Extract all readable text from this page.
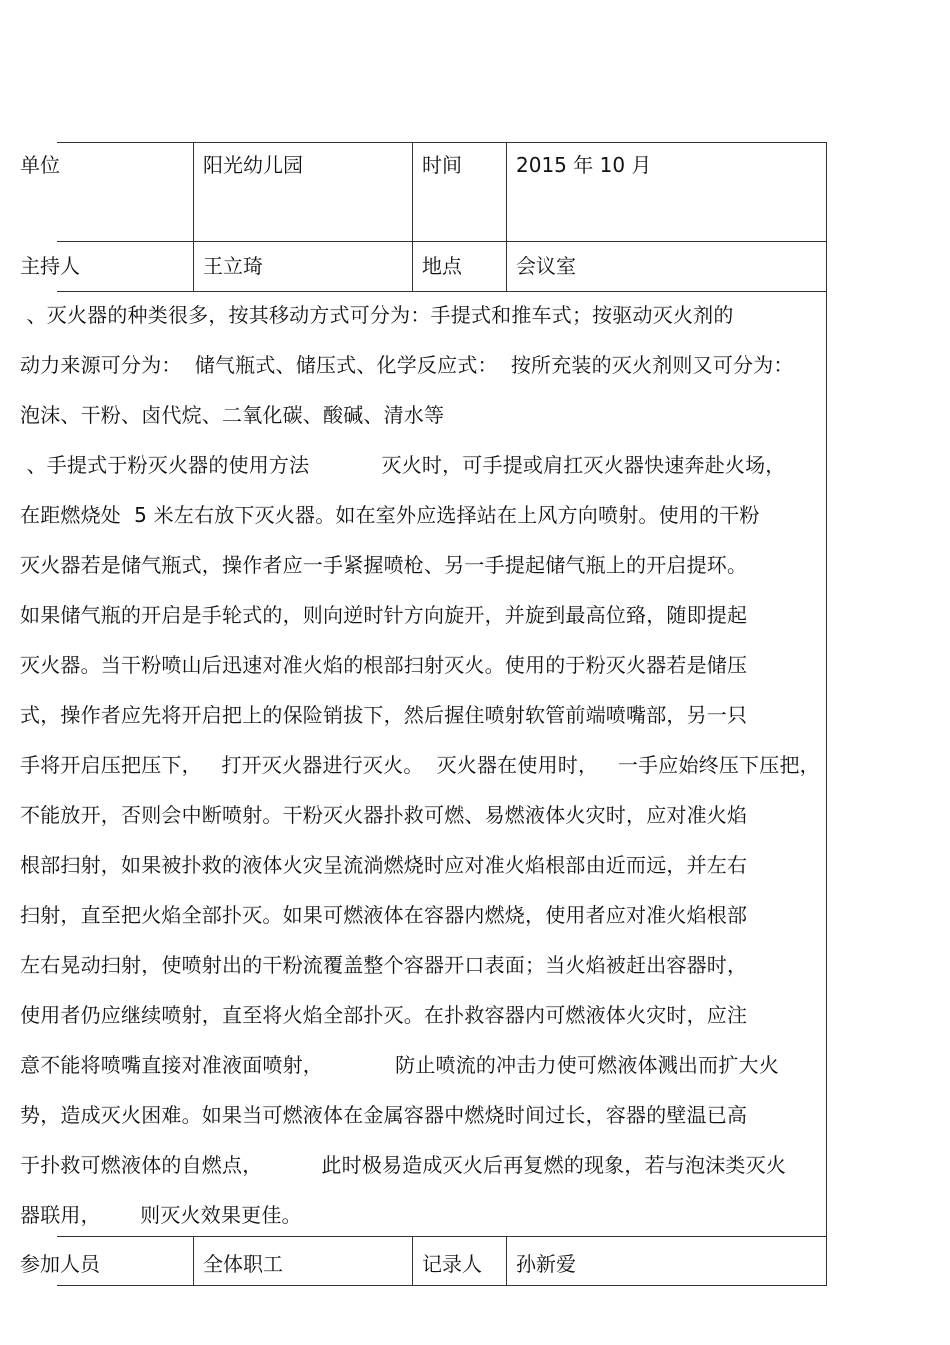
单位	阳光幼儿园	时间	2015 年 10 月
主持人	王立琦	地点	会议室
、灭火器的种类很多，按其移动方式可分为：手提式和推车式；按驱动灭火剂的
动力来源可分为：  储气瓶式、储压式、化学反应式：  按所充装的灭火剂则又可分为：
泡沫、干粉、卤代烷、二氧化碳、酸碱、清水等
、手提式于粉灭火器的使用方法           灭火时，可手提或肩扛灭火器快速奔赴火场，
在距燃烧处  5 米左右放下灭火器。如在室外应选择站在上风方向喷射。使用的干粉
灭火器若是储气瓶式，操作者应一手紧握喷枪、另一手提起储气瓶上的开启提环。
如果储气瓶的开启是手轮式的，则向逆时针方向旋开，并旋到最高位臵，随即提起
灭火器。当干粉喷山后迅速对准火焰的根部扫射灭火。使用的于粉灭火器若是储压
式，操作者应先将开启把上的保险销拔下，然后握住喷射软管前端喷嘴部，另一只
手将开启压把压下，   打开灭火器进行灭火。  灭火器在使用时，   一手应始终压下压把，
不能放开，否则会中断喷射。干粉灭火器扑救可燃、易燃液体火灾时，应对准火焰
根部扫射，如果被扑救的液体火灾呈流淌燃烧时应对准火焰根部由近而远，并左右
扫射，直至把火焰全部扑灭。如果可燃液体在容器内燃烧，使用者应对准火焰根部
左右晃动扫射，使喷射出的干粉流覆盖整个容器开口表面；当火焰被赶出容器时，
使用者仍应继续喷射，直至将火焰全部扑灭。在扑救容器内可燃液体火灾时，应注
意不能将喷嘴直接对准液面喷射，           防止喷流的冲击力使可燃液体溅出而扩大火
势，造成灭火困难。如果当可燃液体在金属容器中燃烧时间过长，容器的壁温已高
于扑救可燃液体的自燃点，         此时极易造成灭火后再复燃的现象，若与泡沫类灭火
器联用，      则灭火效果更佳。
参加人员	全体职工	记录人 孙新爱
